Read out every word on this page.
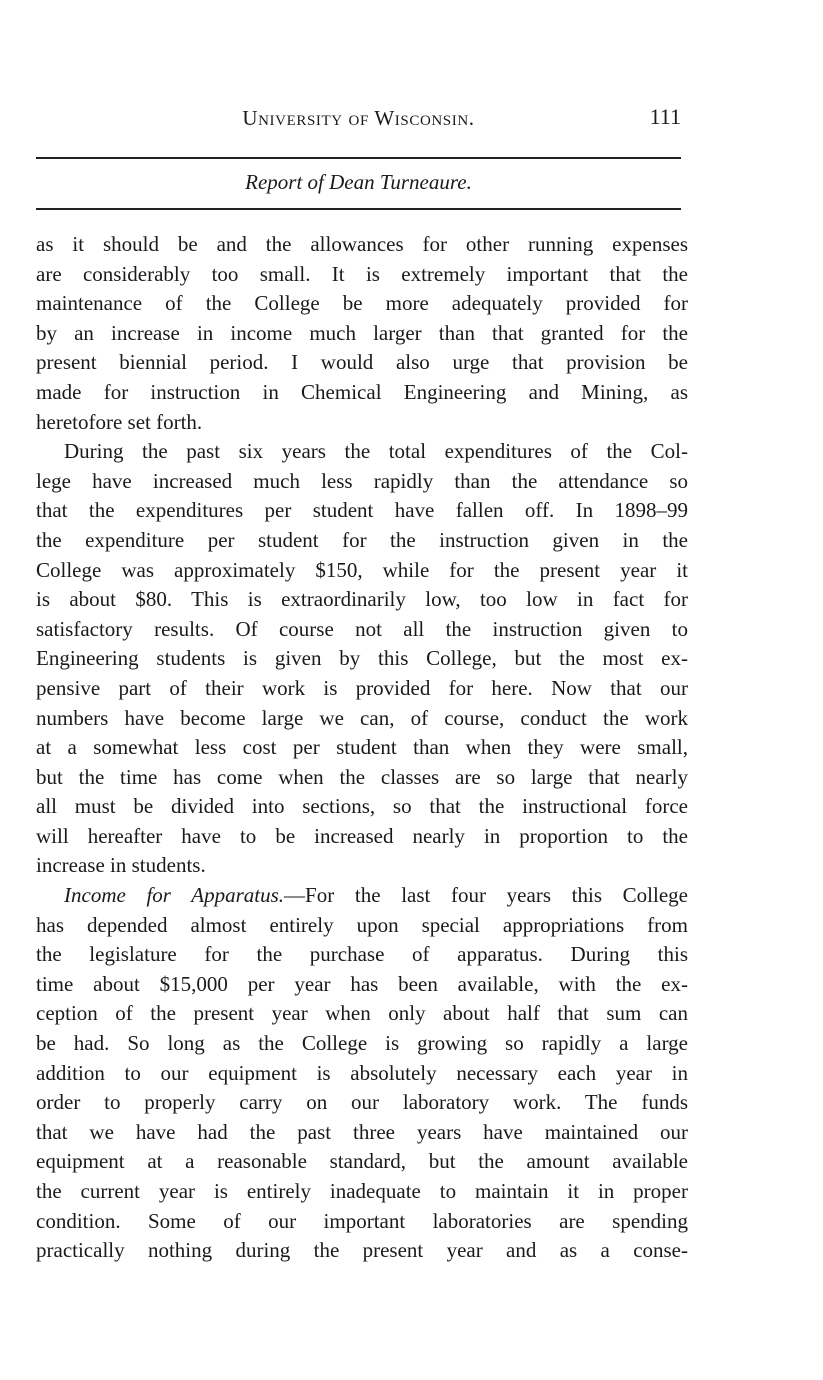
University of Wisconsin.	111
Report of Dean Turneaure.
as it should be and the allowances for other running expenses
are considerably too small. It is extremely important that the
maintenance of the College be more adequately provided for
by an increase in income much larger than that granted for the
present biennial period. I would also urge that provision be
made for instruction in Chemical Engineering and Mining, as
heretofore set forth.
During the past six years the total expenditures of the Col-
lege have increased much less rapidly than the attendance so
that the expenditures per student have fallen off. In 1898–99
the expenditure per student for the instruction given in the
College was approximately $150, while for the present year it
is about $80. This is extraordinarily low, too low in fact for
satisfactory results. Of course not all the instruction given to
Engineering students is given by this College, but the most ex-
pensive part of their work is provided for here. Now that our
numbers have become large we can, of course, conduct the work
at a somewhat less cost per student than when they were small,
but the time has come when the classes are so large that nearly
all must be divided into sections, so that the instructional force
will hereafter have to be increased nearly in proportion to the
increase in students.
Income for Apparatus.—For the last four years this College
has depended almost entirely upon special appropriations from
the legislature for the purchase of apparatus. During this
time about $15,000 per year has been available, with the ex-
ception of the present year when only about half that sum can
be had. So long as the College is growing so rapidly a large
addition to our equipment is absolutely necessary each year in
order to properly carry on our laboratory work. The funds
that we have had the past three years have maintained our
equipment at a reasonable standard, but the amount available
the current year is entirely inadequate to maintain it in proper
condition. Some of our important laboratories are spending
practically nothing during the present year and as a conse-
